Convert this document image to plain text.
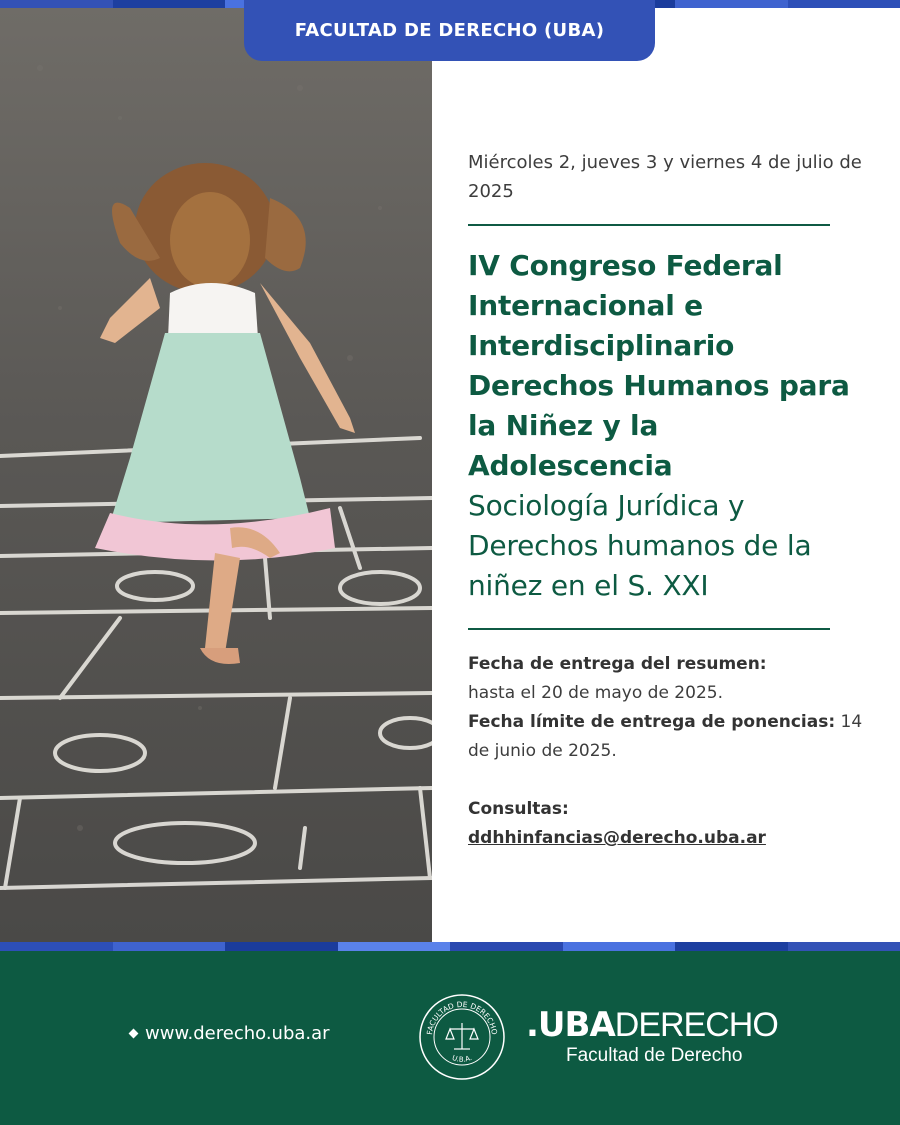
FACULTAD DE DERECHO (UBA)

Miércoles 2, jueves 3 y viernes 4 de julio de 2025

IV Congreso Federal Internacional e Interdisciplinario Derechos Humanos para la Niñez y la Adolescencia
Sociología Jurídica y Derechos humanos de la niñez en el S. XXI

Fecha de entrega del resumen:
hasta el 20 de mayo de 2025.
Fecha límite de entrega de ponencias: 14 de junio de 2025.

Consultas:
ddhhinfancias@derecho.uba.ar

www.derecho.uba.ar	FACULTAD DE DERECHO
U.B.A.
.UBADERECHO
Facultad de Derecho
